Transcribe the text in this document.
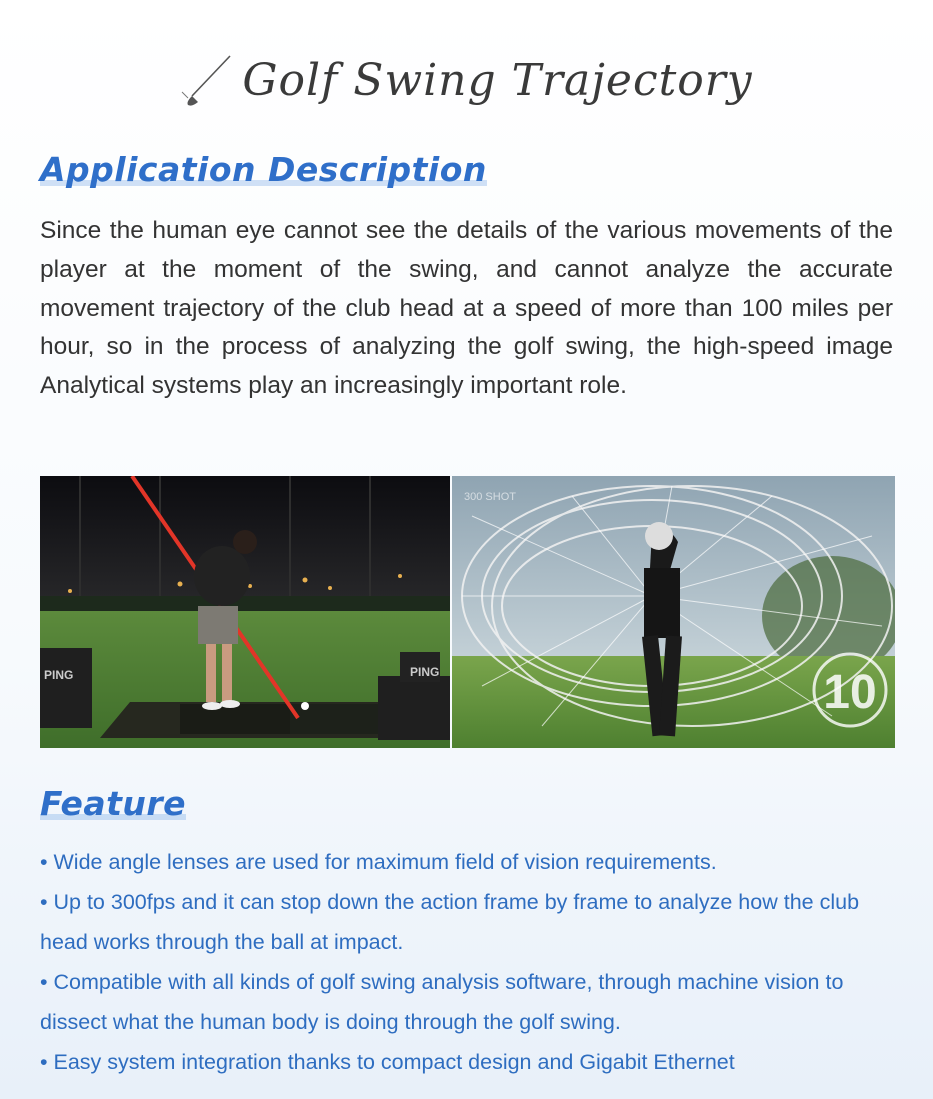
Golf Swing Trajectory
Application Description

Since the human eye cannot see the details of the various movements of the player at the moment of the swing, and cannot analyze the accurate movement trajectory of the club head at a speed of more than 100 miles per hour, so in the process of analyzing the golf swing, the high-speed image Analytical systems play an increasingly important role.

PING	PING
300 SHOT
10
Feature
• Wide angle lenses are used for maximum field of vision requirements.
• Up to 300fps and it can stop down the action frame by frame to analyze how the club head works through the ball at impact.
• Compatible with all kinds of golf swing analysis software, through machine vision to dissect what the human body is doing through the golf swing.
• Easy system integration thanks to compact design and Gigabit Ethernet
